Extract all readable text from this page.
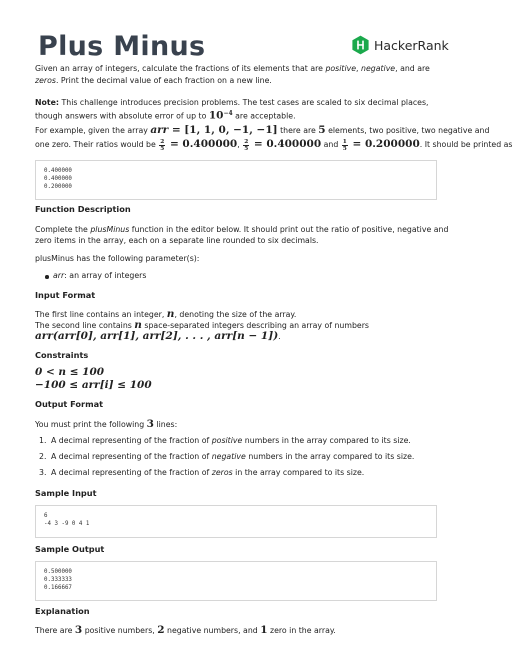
Plus Minus	HackerRank
Given an array of integers, calculate the fractions of its elements that are positive, negative, and are
zeros. Print the decimal value of each fraction on a new line.
Note: This challenge introduces precision problems. The test cases are scaled to six decimal places,
though answers with absolute error of up to $10^{-4}$ are acceptable.
For example, given the array arr = [1, 1, 0, −1, −1] there are 5 elements, two positive, two negative and
one zero. Their ratios would be $\frac{2}{5} = 0.400000$, $\frac{2}{5} = 0.400000$ and $\frac{1}{5} = 0.200000$. It should be printed as
0.400000
0.400000
0.200000
Function Description
Complete the plusMinus function in the editor below. It should print out the ratio of positive, negative and
zero items in the array, each on a separate line rounded to six decimals.
plusMinus has the following parameter(s):
arr: an array of integers
Input Format
The first line contains an integer, n, denoting the size of the array.
The second line contains n space-separated integers describing an array of numbers
arr(arr[0], arr[1], arr[2], . . . , arr[n − 1]).
Constraints
0 < n ≤ 100
−100 ≤ arr[i] ≤ 100
Output Format
You must print the following 3 lines:
1. A decimal representing of the fraction of positive numbers in the array compared to its size.
2. A decimal representing of the fraction of negative numbers in the array compared to its size.
3. A decimal representing of the fraction of zeros in the array compared to its size.
Sample Input
6
-4 3 -9 0 4 1
Sample Output
0.500000
0.333333
0.166667
Explanation
There are 3 positive numbers, 2 negative numbers, and 1 zero in the array.
